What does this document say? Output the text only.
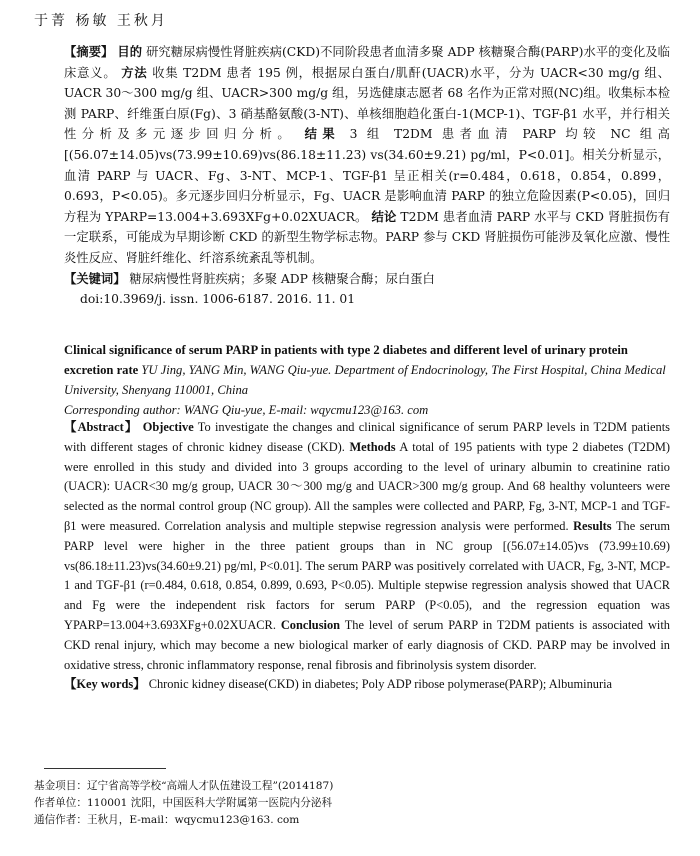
于菁 杨敏 王秋月

【摘要】 目的 研究糖尿病慢性肾脏疾病(CKD)不同阶段患者血清多聚 ADP 核糖聚合酶(PARP)水平的变化及临床意义。 方法 收集 T2DM 患者 195 例，根据尿白蛋白/肌酐(UACR)水平，分为 UACR<30 mg/g 组、UACR 30～300 mg/g 组、UACR>300 mg/g 组，另选健康志愿者 68 名作为正常对照(NC)组。收集标本检测 PARP、纤维蛋白原(Fg)、3 硝基酪氨酸(3-NT)、单核细胞趋化蛋白-1(MCP-1)、TGF-β1 水平，并行相关性分析及多元逐步回归分析。 结果 3 组 T2DM 患者血清 PARP 均较 NC 组高[(56.07±14.05)vs(73.99±10.69)vs(86.18±11.23) vs(34.60±9.21) pg/ml，P<0.01]。相关分析显示，血清 PARP 与 UACR、Fg、3-NT、MCP-1、TGF-β1 呈正相关(r=0.484，0.618，0.854，0.899，0.693，P<0.05)。多元逐步回归分析显示，Fg、UACR 是影响血清 PARP 的独立危险因素(P<0.05)，回归方程为 YPARP=13.004+3.693XFg+0.02XUACR。 结论 T2DM 患者血清 PARP 水平与 CKD 肾脏损伤有一定联系，可能成为早期诊断 CKD 的新型生物学标志物。PARP 参与 CKD 肾脏损伤可能涉及氧化应激、慢性炎性反应、肾脏纤维化、纤溶系统紊乱等机制。

【关键词】 糖尿病慢性肾脏疾病；多聚 ADP 核糖聚合酶；尿白蛋白

doi:10.3969/j. issn. 1006-6187. 2016. 11. 01

Clinical significance of serum PARP in patients with type 2 diabetes and different level of urinary protein excretion rate YU Jing, YANG Min, WANG Qiu-yue. Department of Endocrinology, The First Hospital, China Medical University, Shenyang 110001, China
Corresponding author: WANG Qiu-yue, E-mail: wqycmu123@163. com

【Abstract】 Objective To investigate the changes and clinical significance of serum PARP levels in T2DM patients with different stages of chronic kidney disease (CKD). Methods A total of 195 patients with type 2 diabetes (T2DM) were enrolled in this study and divided into 3 groups according to the level of urinary albumin to creatinine ratio (UACR): UACR<30 mg/g group, UACR 30～300 mg/g and UACR>300 mg/g group. And 68 healthy volunteers were selected as the normal control group (NC group). All the samples were collected and PARP, Fg, 3-NT, MCP-1 and TGF-β1 were measured. Correlation analysis and multiple stepwise regression analysis were performed. Results The serum PARP level were higher in the three patient groups than in NC group [(56.07±14.05)vs (73.99±10.69) vs(86.18±11.23)vs(34.60±9.21) pg/ml, P<0.01]. The serum PARP was positively correlated with UACR, Fg, 3-NT, MCP-1 and TGF-β1 (r=0.484, 0.618, 0.854, 0.899, 0.693, P<0.05). Multiple stepwise regression analysis showed that UACR and Fg were the independent risk factors for serum PARP (P<0.05), and the regression equation was YPARP=13.004+3.693XFg+0.02XUACR. Conclusion The level of serum PARP in T2DM patients is associated with CKD renal injury, which may become a new biological marker of early diagnosis of CKD. PARP may be involved in oxidative stress, chronic inflammatory response, renal fibrosis and fibrinolysis system disorder.

【Key words】 Chronic kidney disease(CKD) in diabetes; Poly ADP ribose polymerase(PARP); Albuminuria

基金项目：辽宁省高等学校“高端人才队伍建设工程”(2014187)
作者单位：110001 沈阳，中国医科大学附属第一医院内分泌科
通信作者：王秋月，E-mail：wqycmu123@163. com
